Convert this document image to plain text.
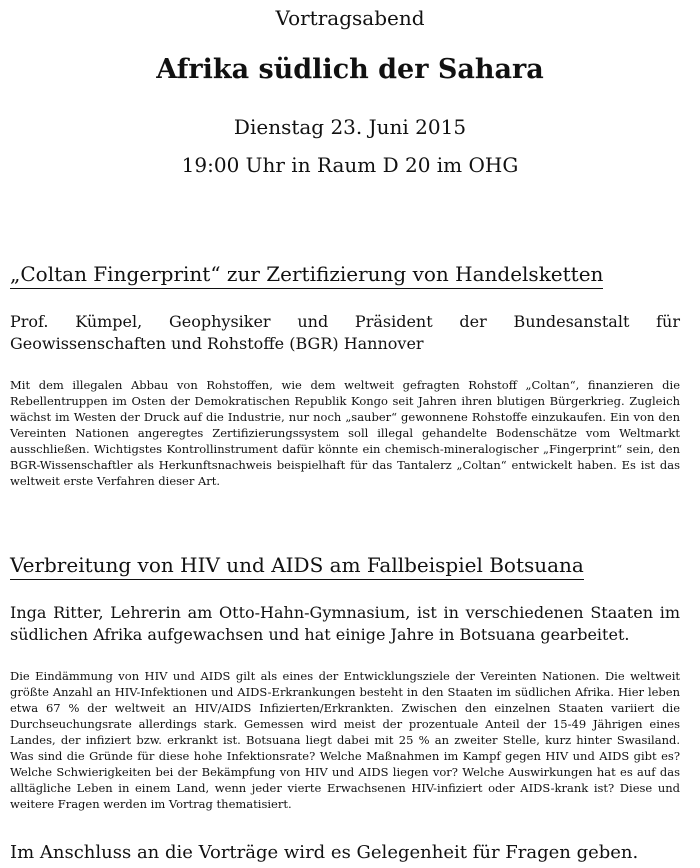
Vortragsabend
Afrika südlich der Sahara
Dienstag 23. Juni 2015
19:00 Uhr in Raum D 20 im OHG
„Coltan Fingerprint“ zur Zertifizierung von Handelsketten
Prof. Kümpel, Geophysiker und Präsident der Bundesanstalt für Geowissenschaften und Rohstoffe (BGR) Hannover
Mit dem illegalen Abbau von Rohstoffen, wie dem weltweit gefragten Rohstoff „Coltan“, finanzieren die Rebellentruppen im Osten der Demokratischen Republik Kongo seit Jahren ihren blutigen Bürgerkrieg. Zugleich wächst im Westen der Druck auf die Industrie, nur noch „sauber“ gewonnene Rohstoffe einzukaufen. Ein von den Vereinten Nationen angeregtes Zertifizierungssystem soll illegal gehandelte Bodenschätze vom Weltmarkt ausschließen. Wichtigstes Kontrollinstrument dafür könnte ein chemisch-mineralogischer „Fingerprint“ sein, den BGR-Wissenschaftler als Herkunftsnachweis beispielhaft für das Tantalerz „Coltan“ entwickelt haben. Es ist das weltweit erste Verfahren dieser Art.
Verbreitung von HIV und AIDS am Fallbeispiel Botsuana
Inga Ritter, Lehrerin am Otto-Hahn-Gymnasium, ist in verschiedenen Staaten im südlichen Afrika aufgewachsen und hat einige Jahre in Botsuana gearbeitet.
Die Eindämmung von HIV und AIDS gilt als eines der Entwicklungsziele der Vereinten Nationen. Die weltweit größte Anzahl an HIV-Infektionen und AIDS-Erkrankungen besteht in den Staaten im südlichen Afrika. Hier leben etwa 67 % der weltweit an HIV/AIDS Infizierten/Erkrankten. Zwischen den einzelnen Staaten variiert die Durchseuchungsrate allerdings stark. Gemessen wird meist der prozentuale Anteil der 15-49 Jährigen eines Landes, der infiziert bzw. erkrankt ist. Botsuana liegt dabei mit 25 % an zweiter Stelle, kurz hinter Swasiland. Was sind die Gründe für diese hohe Infektionsrate? Welche Maßnahmen im Kampf gegen HIV und AIDS gibt es? Welche Schwierigkeiten bei der Bekämpfung von HIV und AIDS liegen vor? Welche Auswirkungen hat es auf das alltägliche Leben in einem Land, wenn jeder vierte Erwachsenen HIV-infiziert oder AIDS-krank ist? Diese und weitere Fragen werden im Vortrag thematisiert.
Im Anschluss an die Vorträge wird es Gelegenheit für Fragen geben.
